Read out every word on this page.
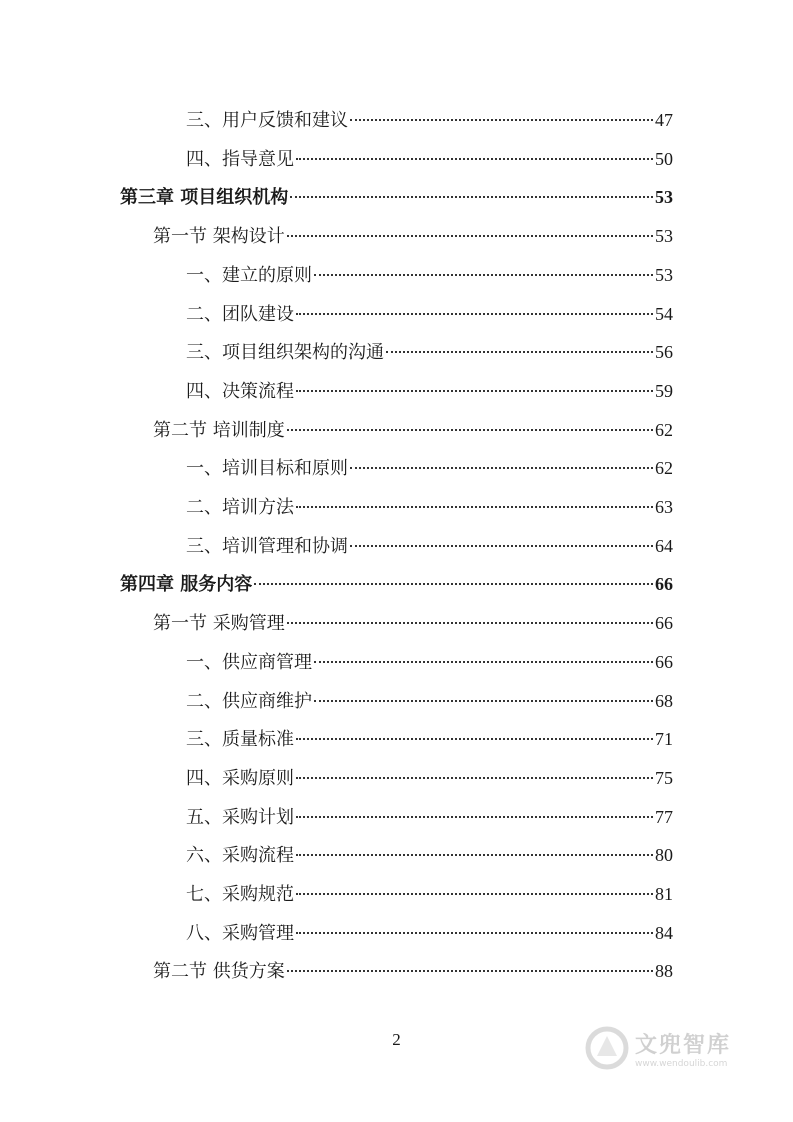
三、用户反馈和建议	47
四、指导意见	50
第三章 项目组织机构	53
第一节 架构设计	53
一、建立的原则	53
二、团队建设	54
三、项目组织架构的沟通	56
四、决策流程	59
第二节 培训制度	62
一、培训目标和原则	62
二、培训方法	63
三、培训管理和协调	64
第四章 服务内容	66
第一节 采购管理	66
一、供应商管理	66
二、供应商维护	68
三、质量标准	71
四、采购原则	75
五、采购计划	77
六、采购流程	80
七、采购规范	81
八、采购管理	84
第二节 供货方案	88
2	文兜智库
www.wendoulib.com
